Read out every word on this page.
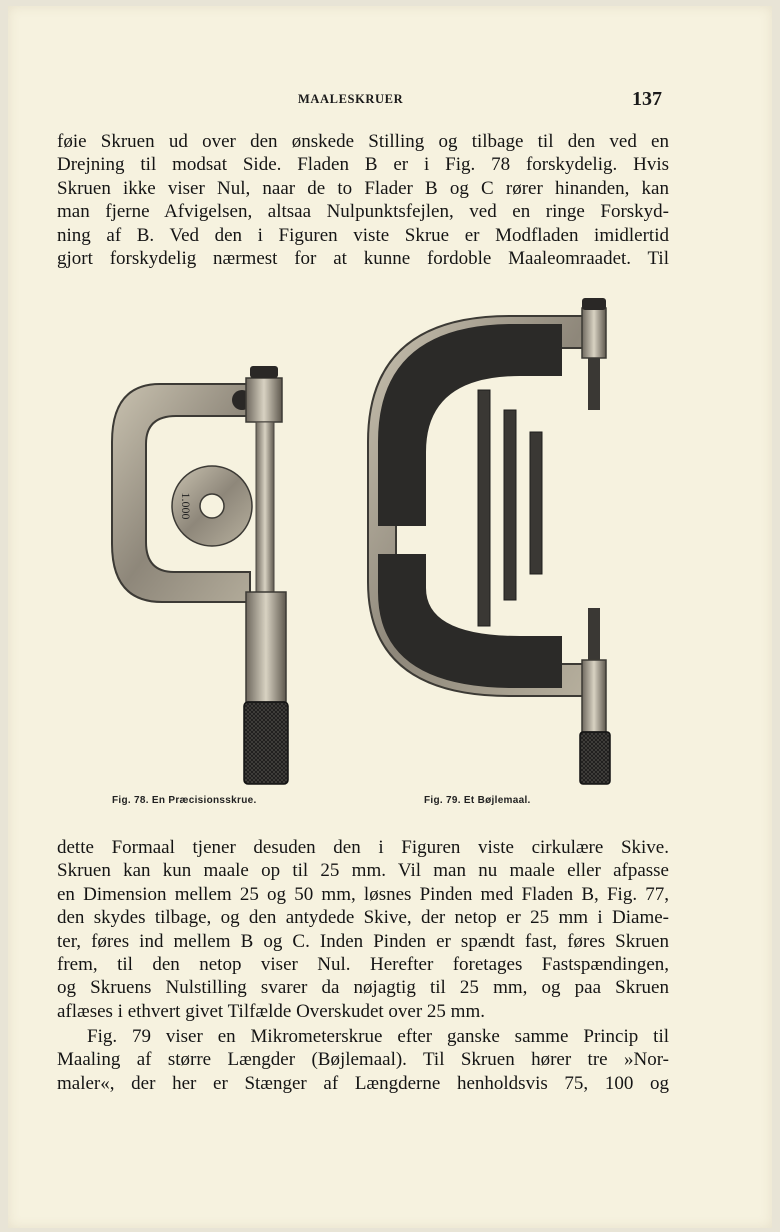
MAALESKRUER	137
føie Skruen ud over den ønskede Stilling og tilbage til den ved en
Drejning til modsat Side. Fladen B er i Fig. 78 forskydelig. Hvis
Skruen ikke viser Nul, naar de to Flader B og C rører hinanden, kan
man fjerne Afvigelsen, altsaa Nulpunktsfejlen, ved en ringe Forskyd-
ning af B. Ved den i Figuren viste Skrue er Modfladen imidlertid
gjort forskydelig nærmest for at kunne fordoble Maaleomraadet. Til
1.000
Fig. 78. En Præcisionsskrue.	Fig. 79. Et Bøjlemaal.
dette Formaal tjener desuden den i Figuren viste cirkulære Skive.
Skruen kan kun maale op til 25 mm. Vil man nu maale eller afpasse
en Dimension mellem 25 og 50 mm, løsnes Pinden med Fladen B, Fig. 77,
den skydes tilbage, og den antydede Skive, der netop er 25 mm i Diame-
ter, føres ind mellem B og C. Inden Pinden er spændt fast, føres Skruen
frem, til den netop viser Nul. Herefter foretages Fastspændingen,
og Skruens Nulstilling svarer da nøjagtig til 25 mm, og paa Skruen
aflæses i ethvert givet Tilfælde Overskudet over 25 mm.
Fig. 79 viser en Mikrometerskrue efter ganske samme Princip til
Maaling af større Længder (Bøjlemaal). Til Skruen hører tre »Nor-
maler«, der her er Stænger af Længderne henholdsvis 75, 100 og
